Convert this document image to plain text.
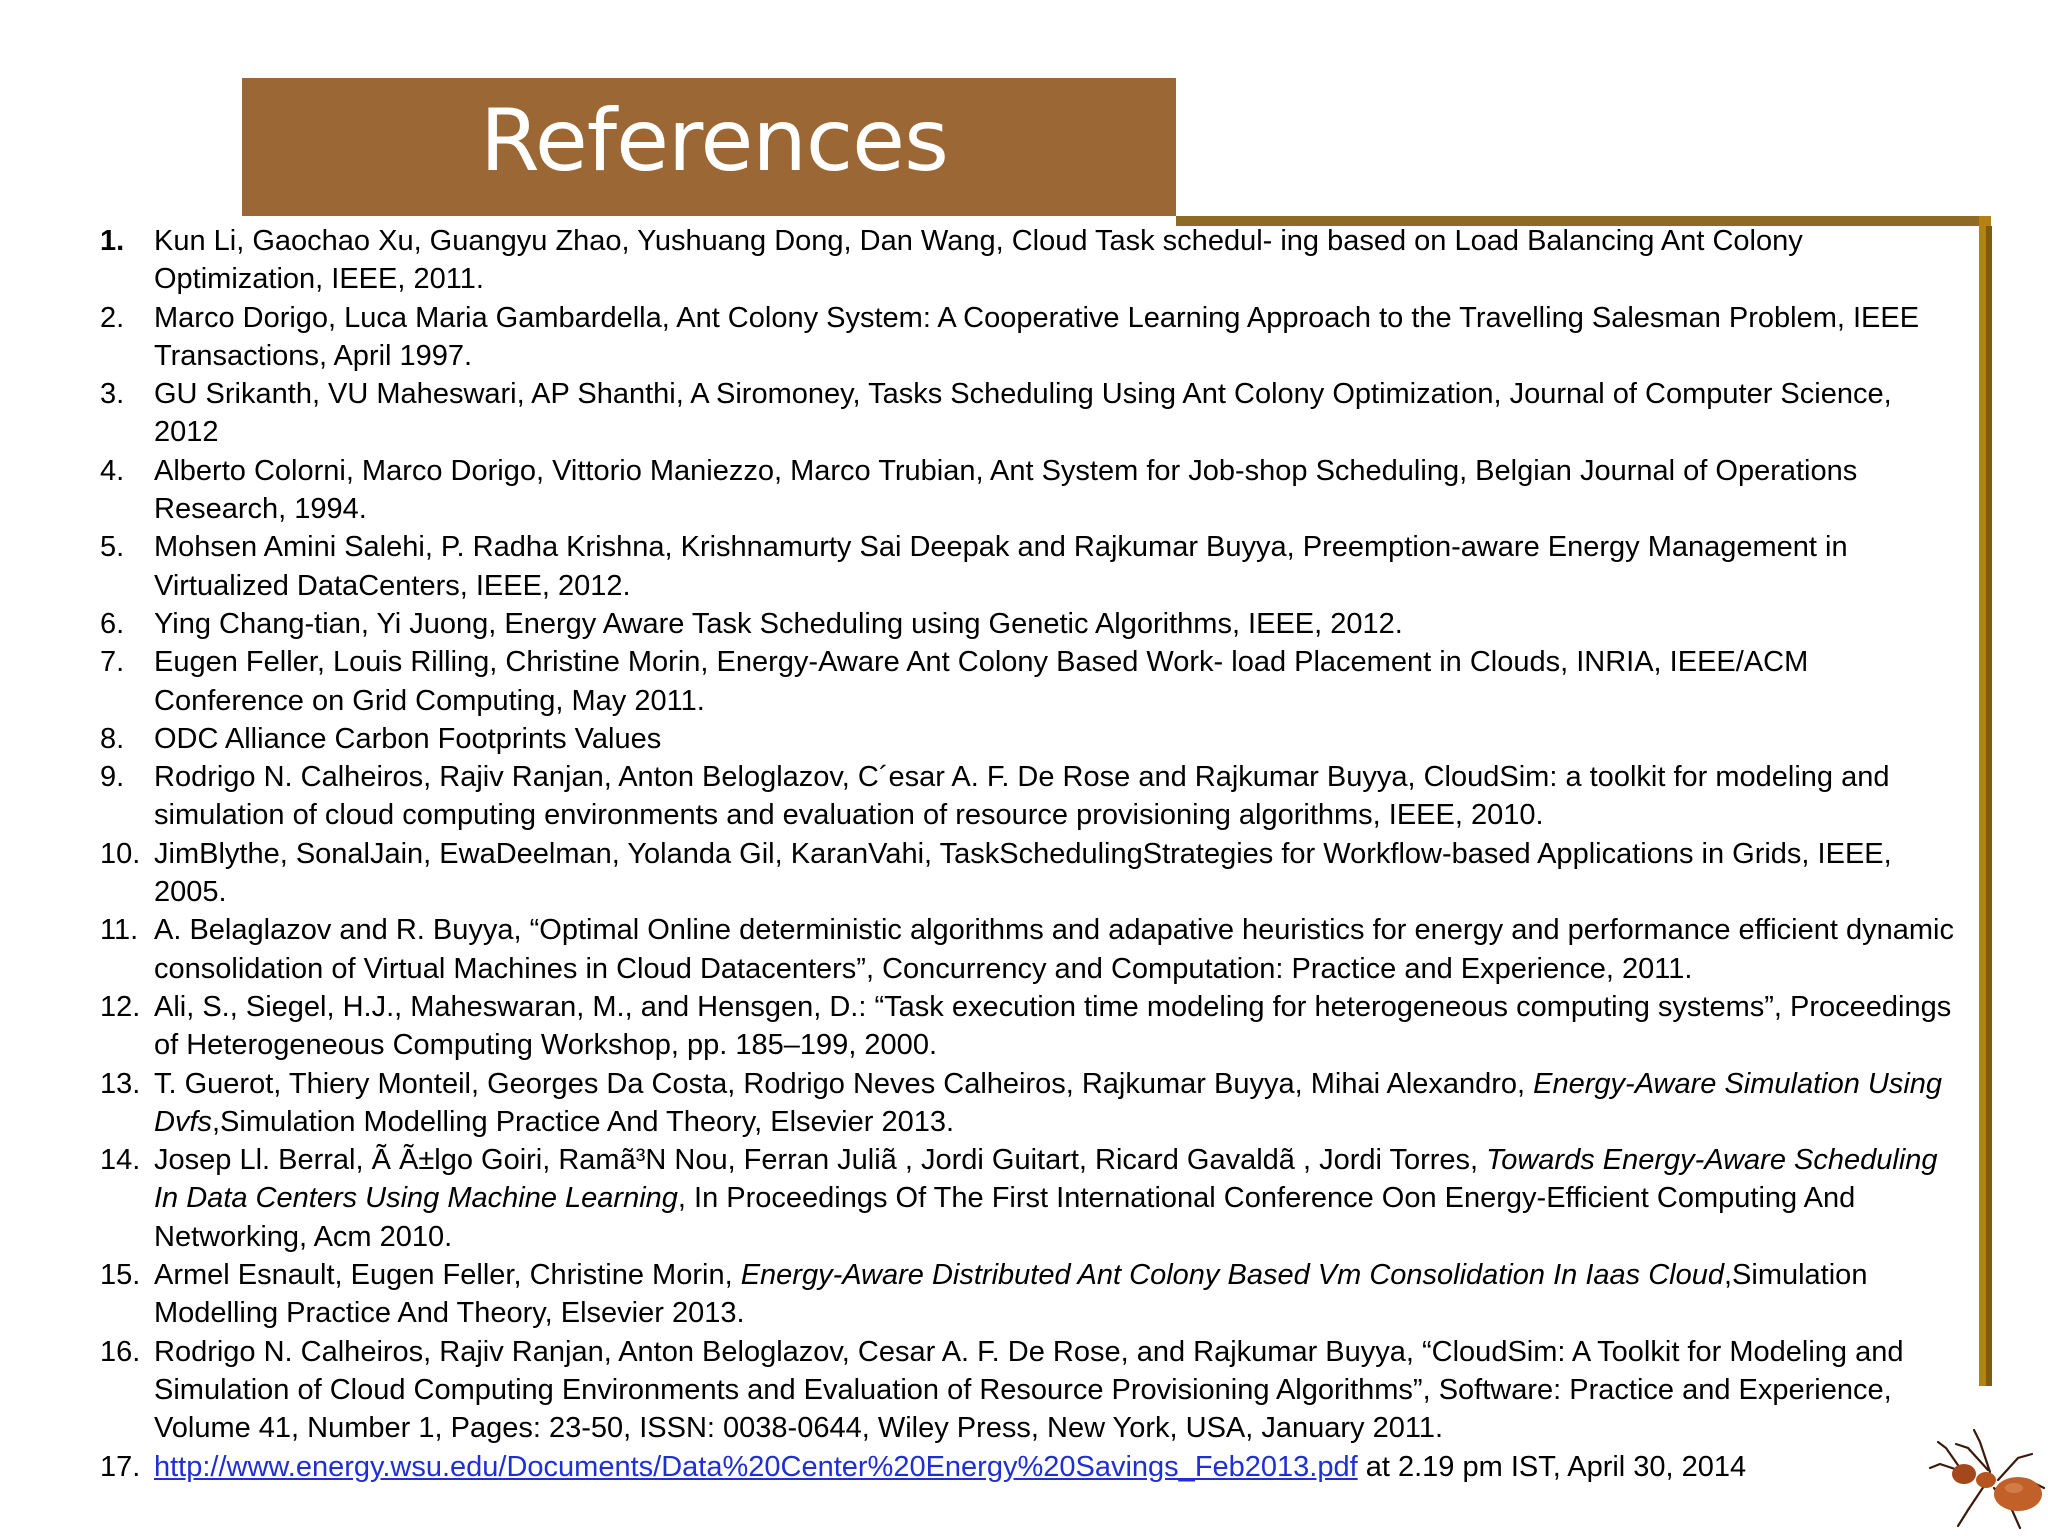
References
1. Kun Li, Gaochao Xu, Guangyu Zhao, Yushuang Dong, Dan Wang, Cloud Task schedul- ing based on Load Balancing Ant Colony Optimization, IEEE, 2011.
2. Marco Dorigo, Luca Maria Gambardella, Ant Colony System: A Cooperative Learning Approach to the Travelling Salesman Problem, IEEE Transactions, April 1997.
3. GU Srikanth, VU Maheswari, AP Shanthi, A Siromoney, Tasks Scheduling Using Ant Colony Optimization, Journal of Computer Science, 2012
4. Alberto Colorni, Marco Dorigo, Vittorio Maniezzo, Marco Trubian, Ant System for Job-shop Scheduling, Belgian Journal of Operations Research, 1994.
5. Mohsen Amini Salehi, P. Radha Krishna, Krishnamurty Sai Deepak and Rajkumar Buyya, Preemption-aware Energy Management in Virtualized DataCenters, IEEE, 2012.
6. Ying Chang-tian, Yi Juong, Energy Aware Task Scheduling using Genetic Algorithms, IEEE, 2012.
7. Eugen Feller, Louis Rilling, Christine Morin, Energy-Aware Ant Colony Based Work- load Placement in Clouds, INRIA, IEEE/ACM Conference on Grid Computing, May 2011.
8. ODC Alliance Carbon Footprints Values
9. Rodrigo N. Calheiros, Rajiv Ranjan, Anton Beloglazov, C´esar A. F. De Rose and Rajkumar Buyya, CloudSim: a toolkit for modeling and simulation of cloud computing environments and evaluation of resource provisioning algorithms, IEEE, 2010.
10. JimBlythe, SonalJain, EwaDeelman, Yolanda Gil, KaranVahi, TaskSchedulingStrategies for Workflow-based Applications in Grids, IEEE, 2005.
11. A. Belaglazov and R. Buyya, “Optimal Online deterministic algorithms and adapative heuristics for energy and performance efficient dynamic consolidation of Virtual Machines in Cloud Datacenters”, Concurrency and Computation: Practice and Experience, 2011.
12. Ali, S., Siegel, H.J., Maheswaran, M., and Hensgen, D.: “Task execution time modeling for heterogeneous computing systems”, Proceedings of Heterogeneous Computing Workshop, pp. 185–199, 2000.
13. T. Guerot, Thiery Monteil, Georges Da Costa, Rodrigo Neves Calheiros, Rajkumar Buyya, Mihai Alexandro, Energy-Aware Simulation Using Dvfs,Simulation Modelling Practice And Theory, Elsevier 2013.
14. Josep Ll. Berral, Ã Ã±lgo Goiri, Ramã³N Nou, Ferran Juliã , Jordi Guitart, Ricard Gavaldã , Jordi Torres, Towards Energy-Aware Scheduling In Data Centers Using Machine Learning, In Proceedings Of The First International Conference Oon Energy-Efficient Computing And Networking, Acm 2010.
15. Armel Esnault, Eugen Feller, Christine Morin, Energy-Aware Distributed Ant Colony Based Vm Consolidation In Iaas Cloud,Simulation Modelling Practice And Theory, Elsevier 2013.
16. Rodrigo N. Calheiros, Rajiv Ranjan, Anton Beloglazov, Cesar A. F. De Rose, and Rajkumar Buyya, “CloudSim: A Toolkit for Modeling and Simulation of Cloud Computing Environments and Evaluation of Resource Provisioning Algorithms”, Software: Practice and Experience, Volume 41, Number 1, Pages: 23-50, ISSN: 0038-0644, Wiley Press, New York, USA, January 2011.
17. http://www.energy.wsu.edu/Documents/Data%20Center%20Energy%20Savings_Feb2013.pdf at 2.19 pm IST, April 30, 2014
